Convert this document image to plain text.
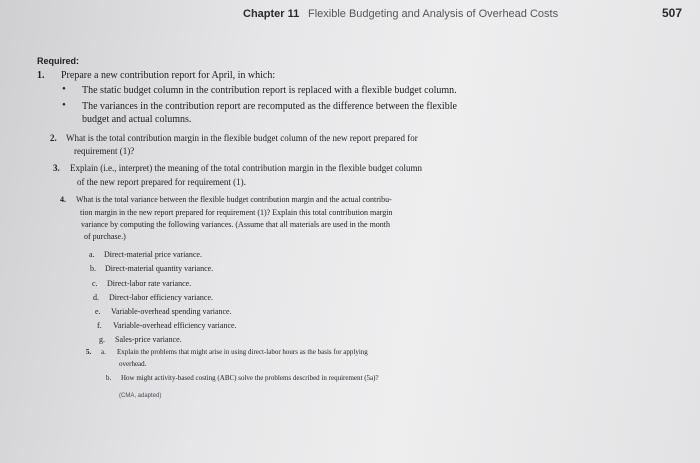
Chapter 11 Flexible Budgeting and Analysis of Overhead Costs	507
Required:
1. Prepare a new contribution report for April, in which:
• The static budget column in the contribution report is replaced with a flexible budget column.
• The variances in the contribution report are recomputed as the difference between the flexible
budget and actual columns.
2. What is the total contribution margin in the flexible budget column of the new report prepared for
requirement (1)?
3. Explain (i.e., interpret) the meaning of the total contribution margin in the flexible budget column
of the new report prepared for requirement (1).
4. What is the total variance between the flexible budget contribution margin and the actual contribu-
tion margin in the new report prepared for requirement (1)? Explain this total contribution margin
variance by computing the following variances. (Assume that all materials are used in the month
of purchase.)
a. Direct-material price variance.
b. Direct-material quantity variance.
c. Direct-labor rate variance.
d. Direct-labor efficiency variance.
e. Variable-overhead spending variance.
f. Variable-overhead efficiency variance.
g. Sales-price variance.
5. a. Explain the problems that might arise in using direct-labor hours as the basis for applying
overhead.
b. How might activity-based costing (ABC) solve the problems described in requirement (5a)?
(CMA, adapted)
